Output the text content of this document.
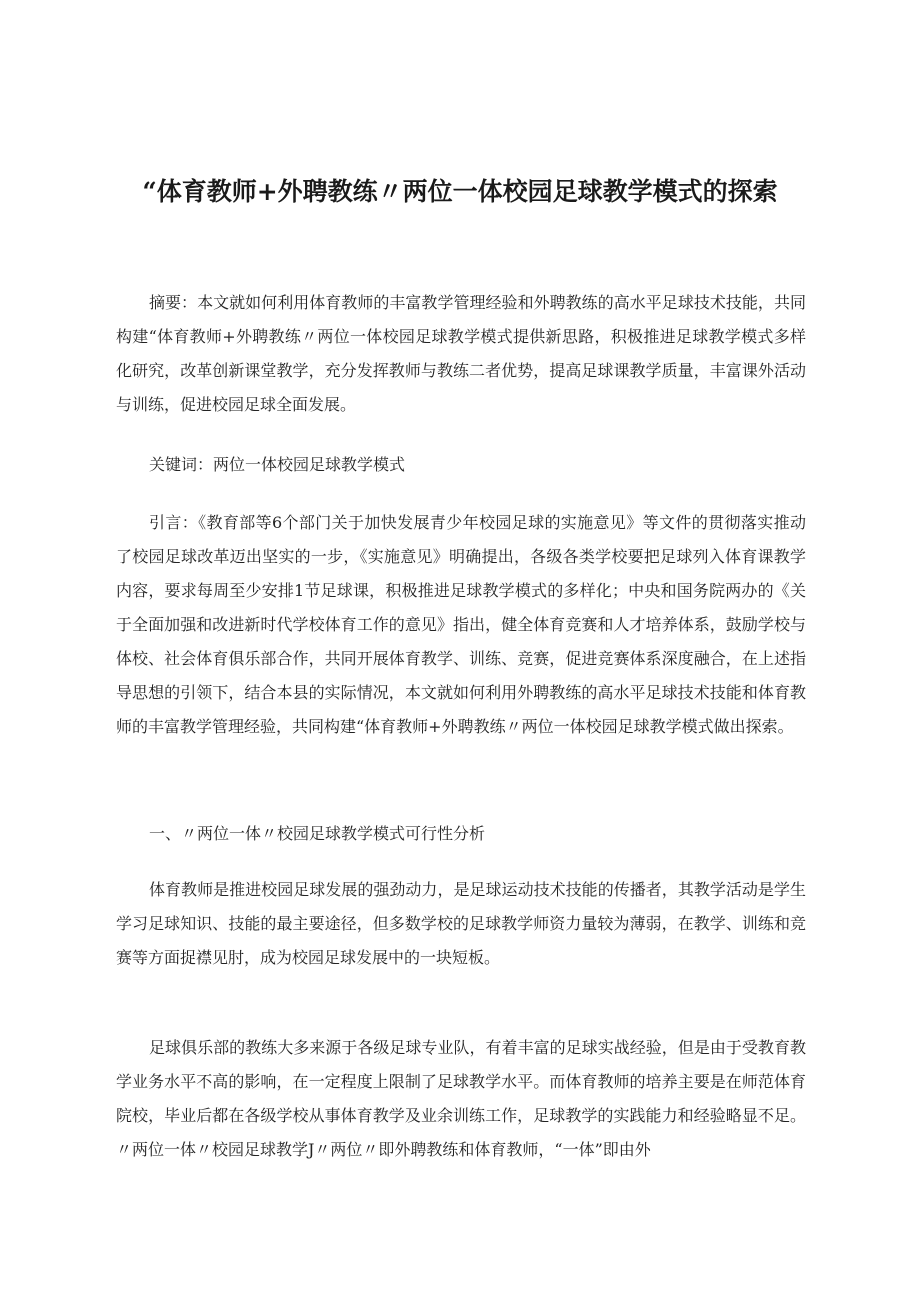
“体育教师+外聘教练〃两位一体校园足球教学模式的探索

摘要：本文就如何利用体育教师的丰富教学管理经验和外聘教练的高水平足球技术技能，共同构建“体育教师+外聘教练〃两位一体校园足球教学模式提供新思路，积极推进足球教学模式多样化研究，改革创新课堂教学，充分发挥教师与教练二者优势，提高足球课教学质量，丰富课外活动与训练，促进校园足球全面发展。

关键词：两位一体校园足球教学模式

引言：《教育部等6个部门关于加快发展青少年校园足球的实施意见》等文件的贯彻落实推动了校园足球改革迈出坚实的一步，《实施意见》明确提出，各级各类学校要把足球列入体育课教学内容，要求每周至少安排1节足球课，积极推进足球教学模式的多样化；中央和国务院两办的《关于全面加强和改进新时代学校体育工作的意见》指出，健全体育竞赛和人才培养体系，鼓励学校与体校、社会体育俱乐部合作，共同开展体育教学、训练、竞赛，促进竞赛体系深度融合，在上述指导思想的引领下，结合本县的实际情况，本文就如何利用外聘教练的高水平足球技术技能和体育教师的丰富教学管理经验，共同构建“体育教师+外聘教练〃两位一体校园足球教学模式做出探索。

一、〃两位一体〃校园足球教学模式可行性分析

体育教师是推进校园足球发展的强劲动力，是足球运动技术技能的传播者，其教学活动是学生学习足球知识、技能的最主要途径，但多数学校的足球教学师资力量较为薄弱，在教学、训练和竞赛等方面捉襟见肘，成为校园足球发展中的一块短板。

足球俱乐部的教练大多来源于各级足球专业队，有着丰富的足球实战经验，但是由于受教育教学业务水平不高的影响，在一定程度上限制了足球教学水平。而体育教师的培养主要是在师范体育院校，毕业后都在各级学校从事体育教学及业余训练工作，足球教学的实践能力和经验略显不足。〃两位一体〃校园足球教学J〃两位〃即外聘教练和体育教师，“一体”即由外
